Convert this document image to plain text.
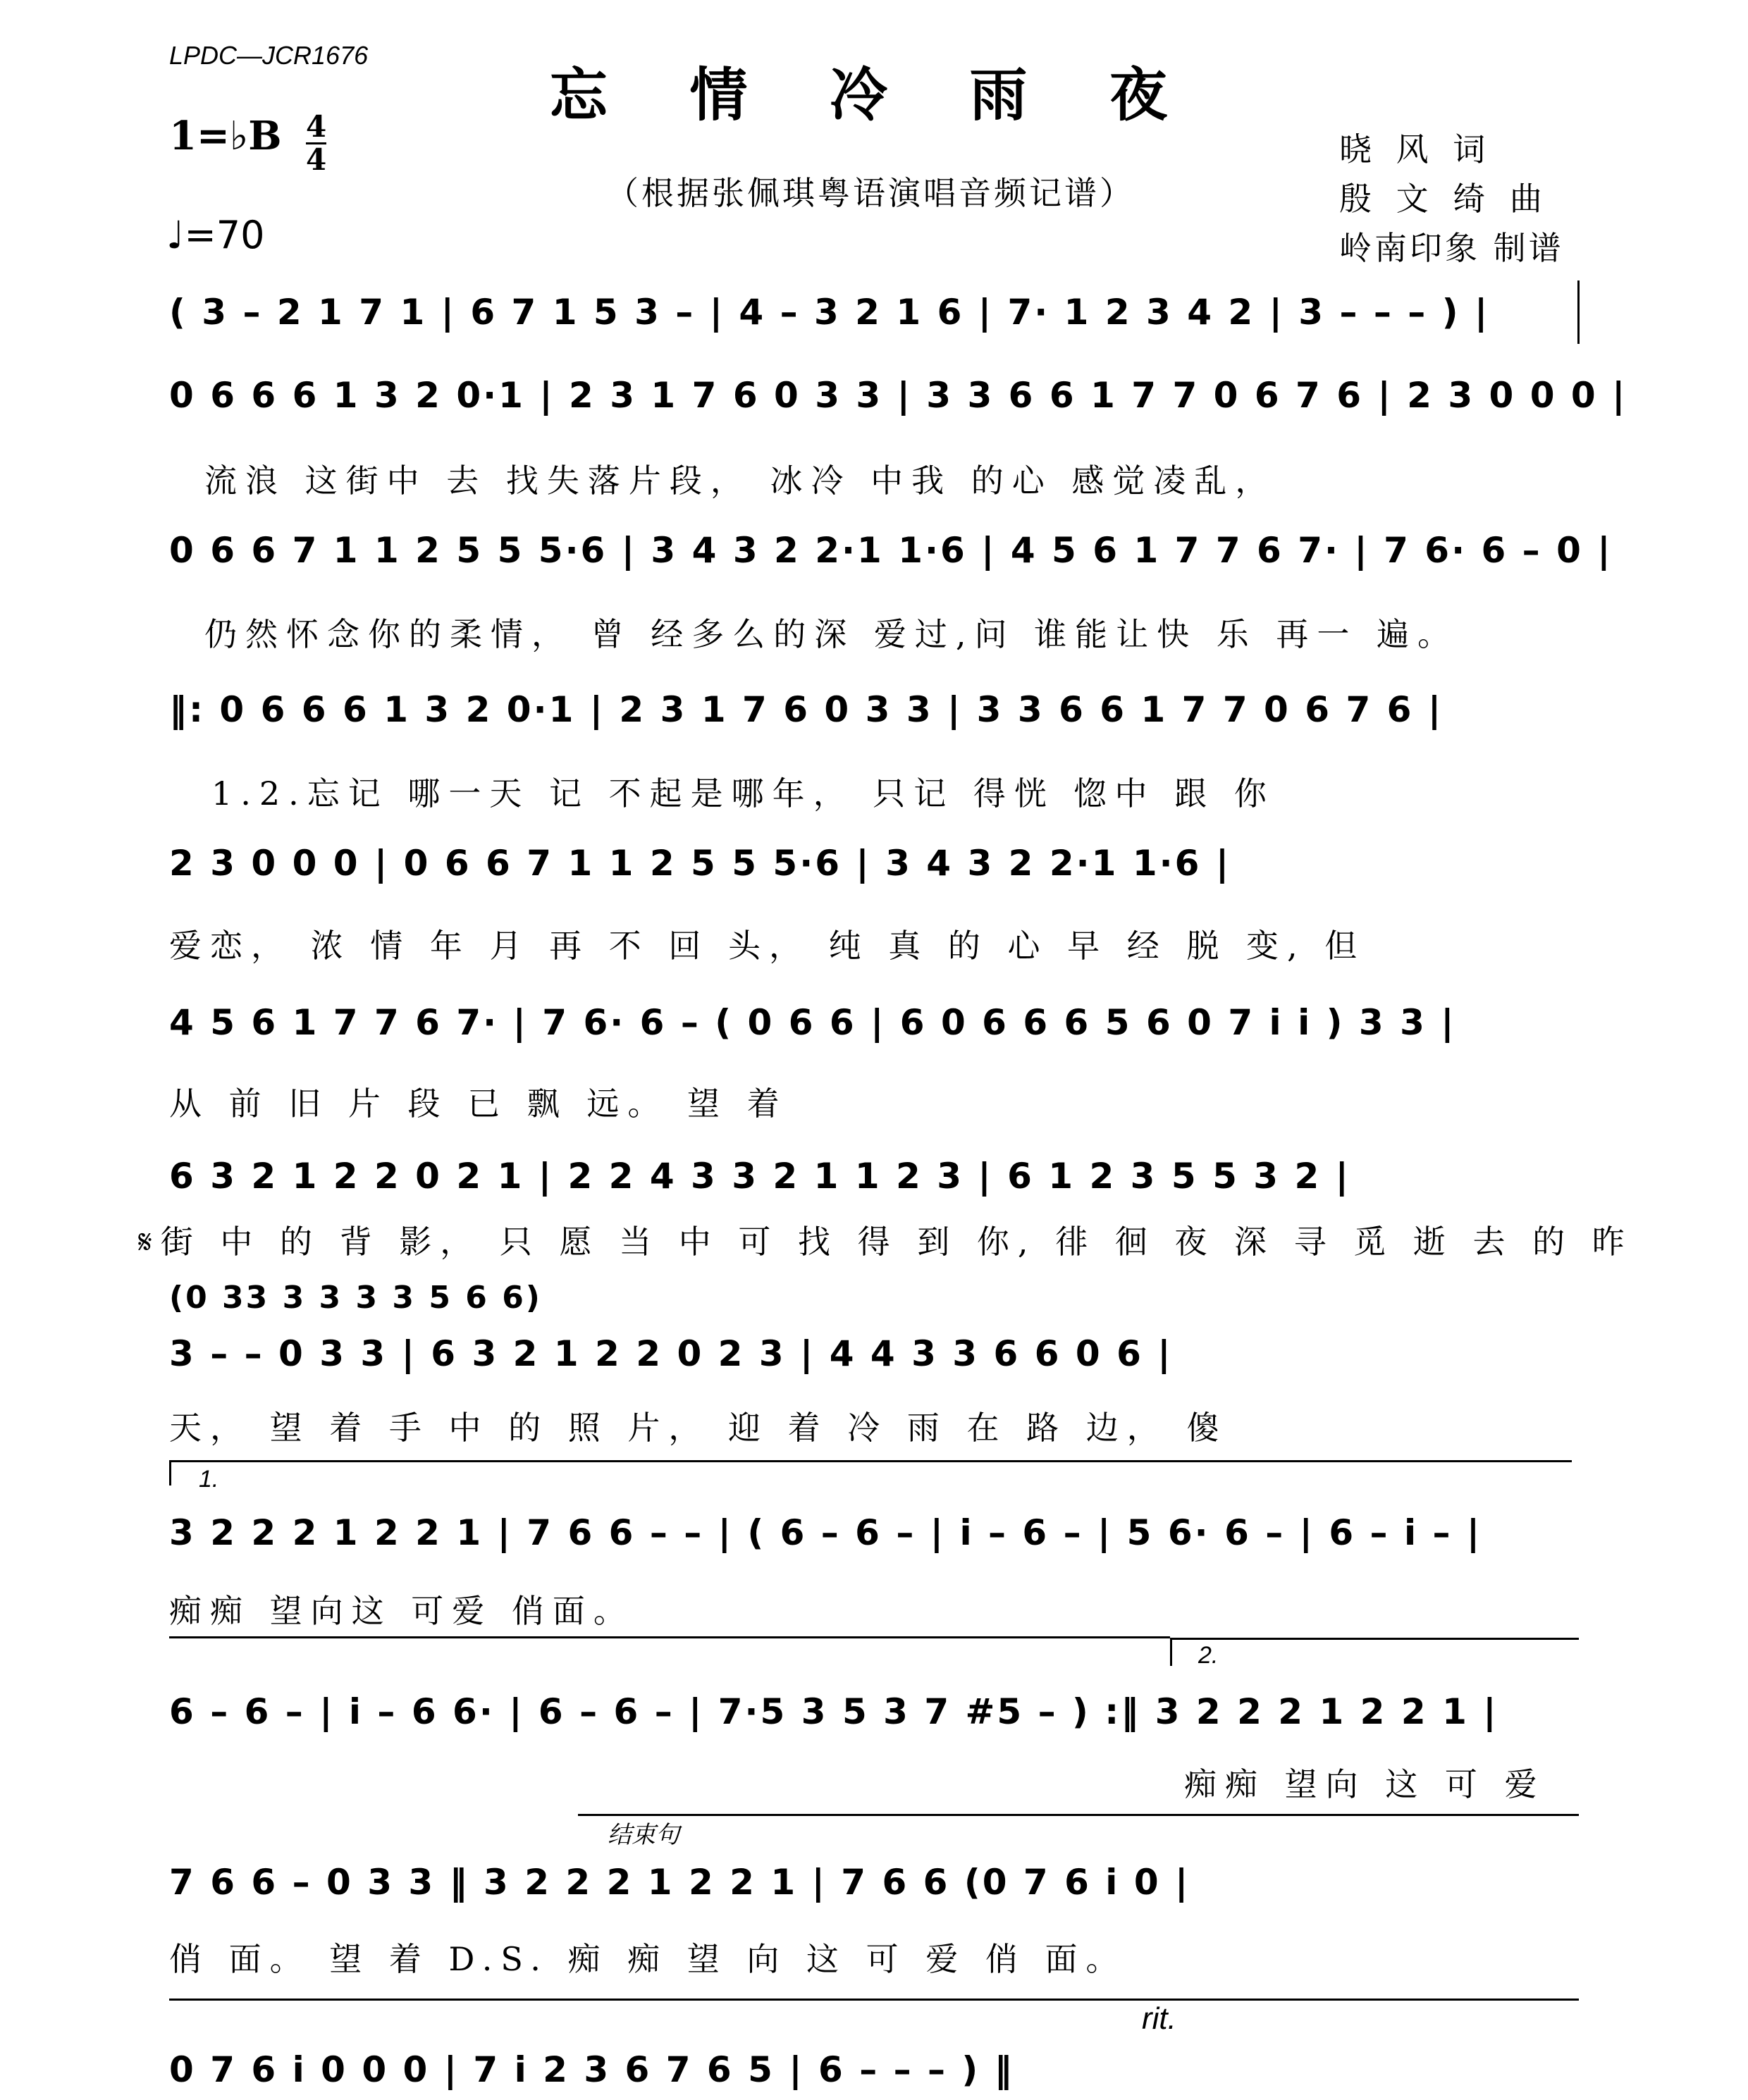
LPDC—JCR1676
忘 情 冷 雨 夜
1=♭B 4
4
♩=70
（根据张佩琪粤语演唱音频记谱）
晓 风 词
殷 文 绮 曲
岭南印象 制谱
( 3 – 2 1 7 1 | 6 7 1 5 3 – | 4 – 3 2 1 6 | 7· 1 2 3 4 2 | 3 – – – ) |
0 6 6 6 1 3 2 0·1 | 2 3 1 7 6 0 3 3 | 3 3 6 6 1 7 7 0 6 7 6 | 2 3 0 0 0 |
流浪 这街中 去 找失落片段， 冰冷 中我 的心 感觉凌乱，
0 6 6 7 1 1 2 5 5 5·6 | 3 4 3 2 2·1 1·6 | 4 5 6 1 7 7 6 7· | 7 6· 6 – 0 |
仍然怀念你的柔情， 曾 经多么的深 爱过,问 谁能让快 乐 再一 遍。
‖: 0 6 6 6 1 3 2 0·1 | 2 3 1 7 6 0 3 3 | 3 3 6 6 1 7 7 0 6 7 6 |
1.2.忘记 哪一天 记 不起是哪年， 只记 得恍 惚中 跟 你
2 3 0 0 0 | 0 6 6 7 1 1 2 5 5 5·6 | 3 4 3 2 2·1 1·6 |
爱恋， 浓 情 年 月 再 不 回 头， 纯 真 的 心 早 经 脱 变, 但
4 5 6 1 7 7 6 7· | 7 6· 6 – ( 0 6 6 | 6 0 6 6 6 5 6 0 7 i i ) 3 3 |
从 前 旧 片 段 已 飘 远。 望 着
6 3 2 1 2 2 0 2 1 | 2 2 4 3 3 2 1 1 2 3 | 6 1 2 3 5 5 3 2 |
𝄋街 中 的 背 影， 只 愿 当 中 可 找 得 到 你, 徘 徊 夜 深 寻 觅 逝 去 的 昨
(0 33 3 3 3 3 5 6 6)
3 – – 0 3 3 | 6 3 2 1 2 2 0 2 3 | 4 4 3 3 6 6 0 6 |
天， 望 着 手 中 的 照 片， 迎 着 冷 雨 在 路 边， 傻
1.
3 2 2 2 1 2 2 1 | 7 6 6 – – | ( 6 – 6 – | i – 6 – | 5 6· 6 – | 6 – i – |
痴痴 望向这 可爱 俏面。
2.
6 – 6 – | i – 6 6· | 6 – 6 – | 7·5 3 5 3 7 #5 – ) :‖ 3 2 2 2 1 2 2 1 |
痴痴 望向 这 可 爱
结束句
7 6 6 – 0 3 3 ‖ 3 2 2 2 1 2 2 1 | 7 6 6 (0 7 6 i 0 |
俏 面。 望 着 D.S. 痴 痴 望 向 这 可 爱 俏 面。
rit.
0 7 6 i 0 0 0 | 7 i 2 3 6 7 6 5 | 6 – – – ) ‖
